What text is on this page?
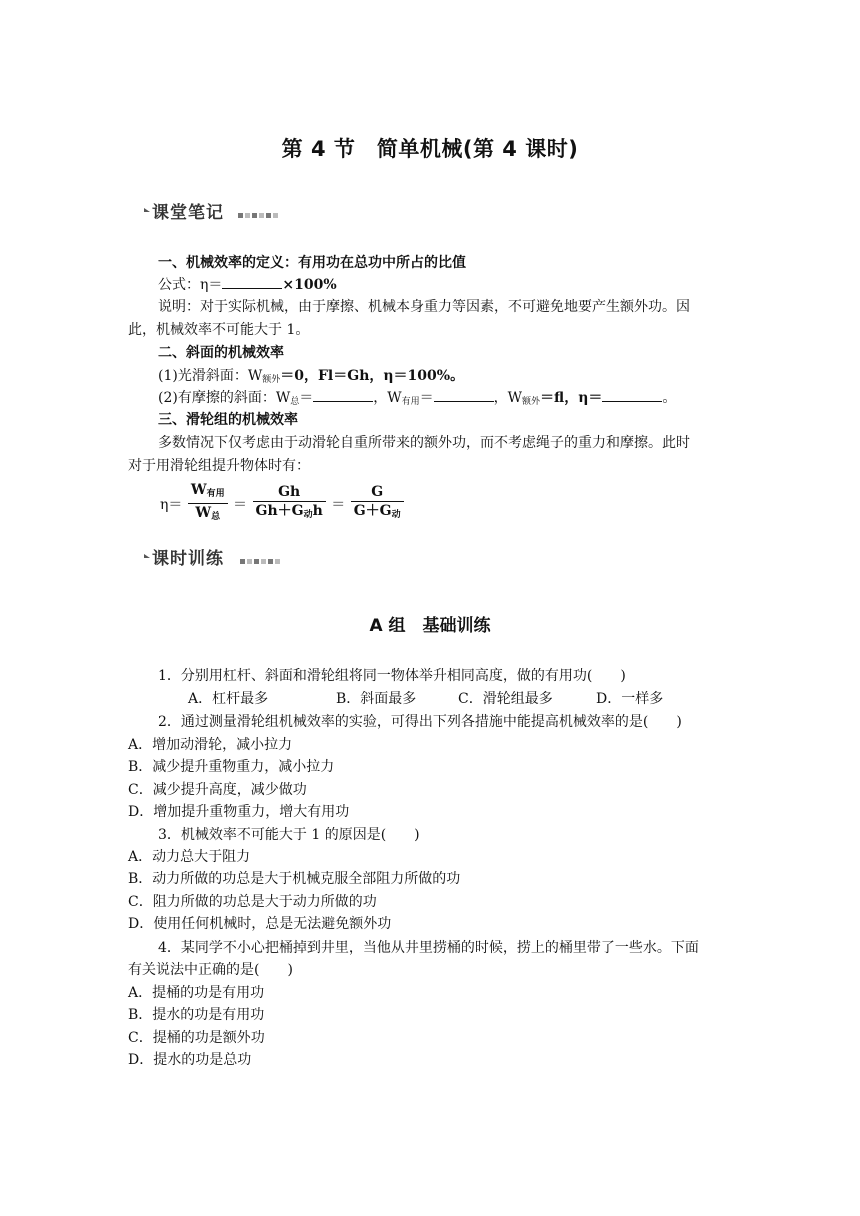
第 4 节　简单机械(第 4 课时)
课堂笔记
一、机械效率的定义：有用功在总功中所占的比值
公式：η＝	×100%
说明：对于实际机械，由于摩擦、机械本身重力等因素，不可避免地要产生额外功。因
此，机械效率不可能大于 1。
二、斜面的机械效率
(1)光滑斜面：$W_{额外}=0$，Fl＝Gh，η＝100%。
(2)有摩擦的斜面：$W_总=$	，$W_{有用}=$	，$W_{额外}=fl$，η＝	。
三、滑轮组的机械效率
多数情况下仅考虑由于动滑轮自重所带来的额外功，而不考虑绳子的重力和摩擦。此时
对于用滑轮组提升物体时有：
$\eta= \frac{W_{有用}}{W_总} = \frac{Gh}{Gh+G_动h} = \frac{G}{G+G_动}$
课时训练
A 组　基础训练
1．分别用杠杆、斜面和滑轮组将同一物体举升相同高度，做的有用功(　　)
A．杠杆最多	B．斜面最多	C．滑轮组最多	D．一样多
2．通过测量滑轮组机械效率的实验，可得出下列各措施中能提高机械效率的是(　　)
A．增加动滑轮，减小拉力
B．减少提升重物重力，减小拉力
C．减少提升高度，减少做功
D．增加提升重物重力，增大有用功
3．机械效率不可能大于 1 的原因是(　　)
A．动力总大于阻力
B．动力所做的功总是大于机械克服全部阻力所做的功
C．阻力所做的功总是大于动力所做的功
D．使用任何机械时，总是无法避免额外功
4．某同学不小心把桶掉到井里，当他从井里捞桶的时候，捞上的桶里带了一些水。下面
有关说法中正确的是(　　)
A．提桶的功是有用功
B．提水的功是有用功
C．提桶的功是额外功
D．提水的功是总功
